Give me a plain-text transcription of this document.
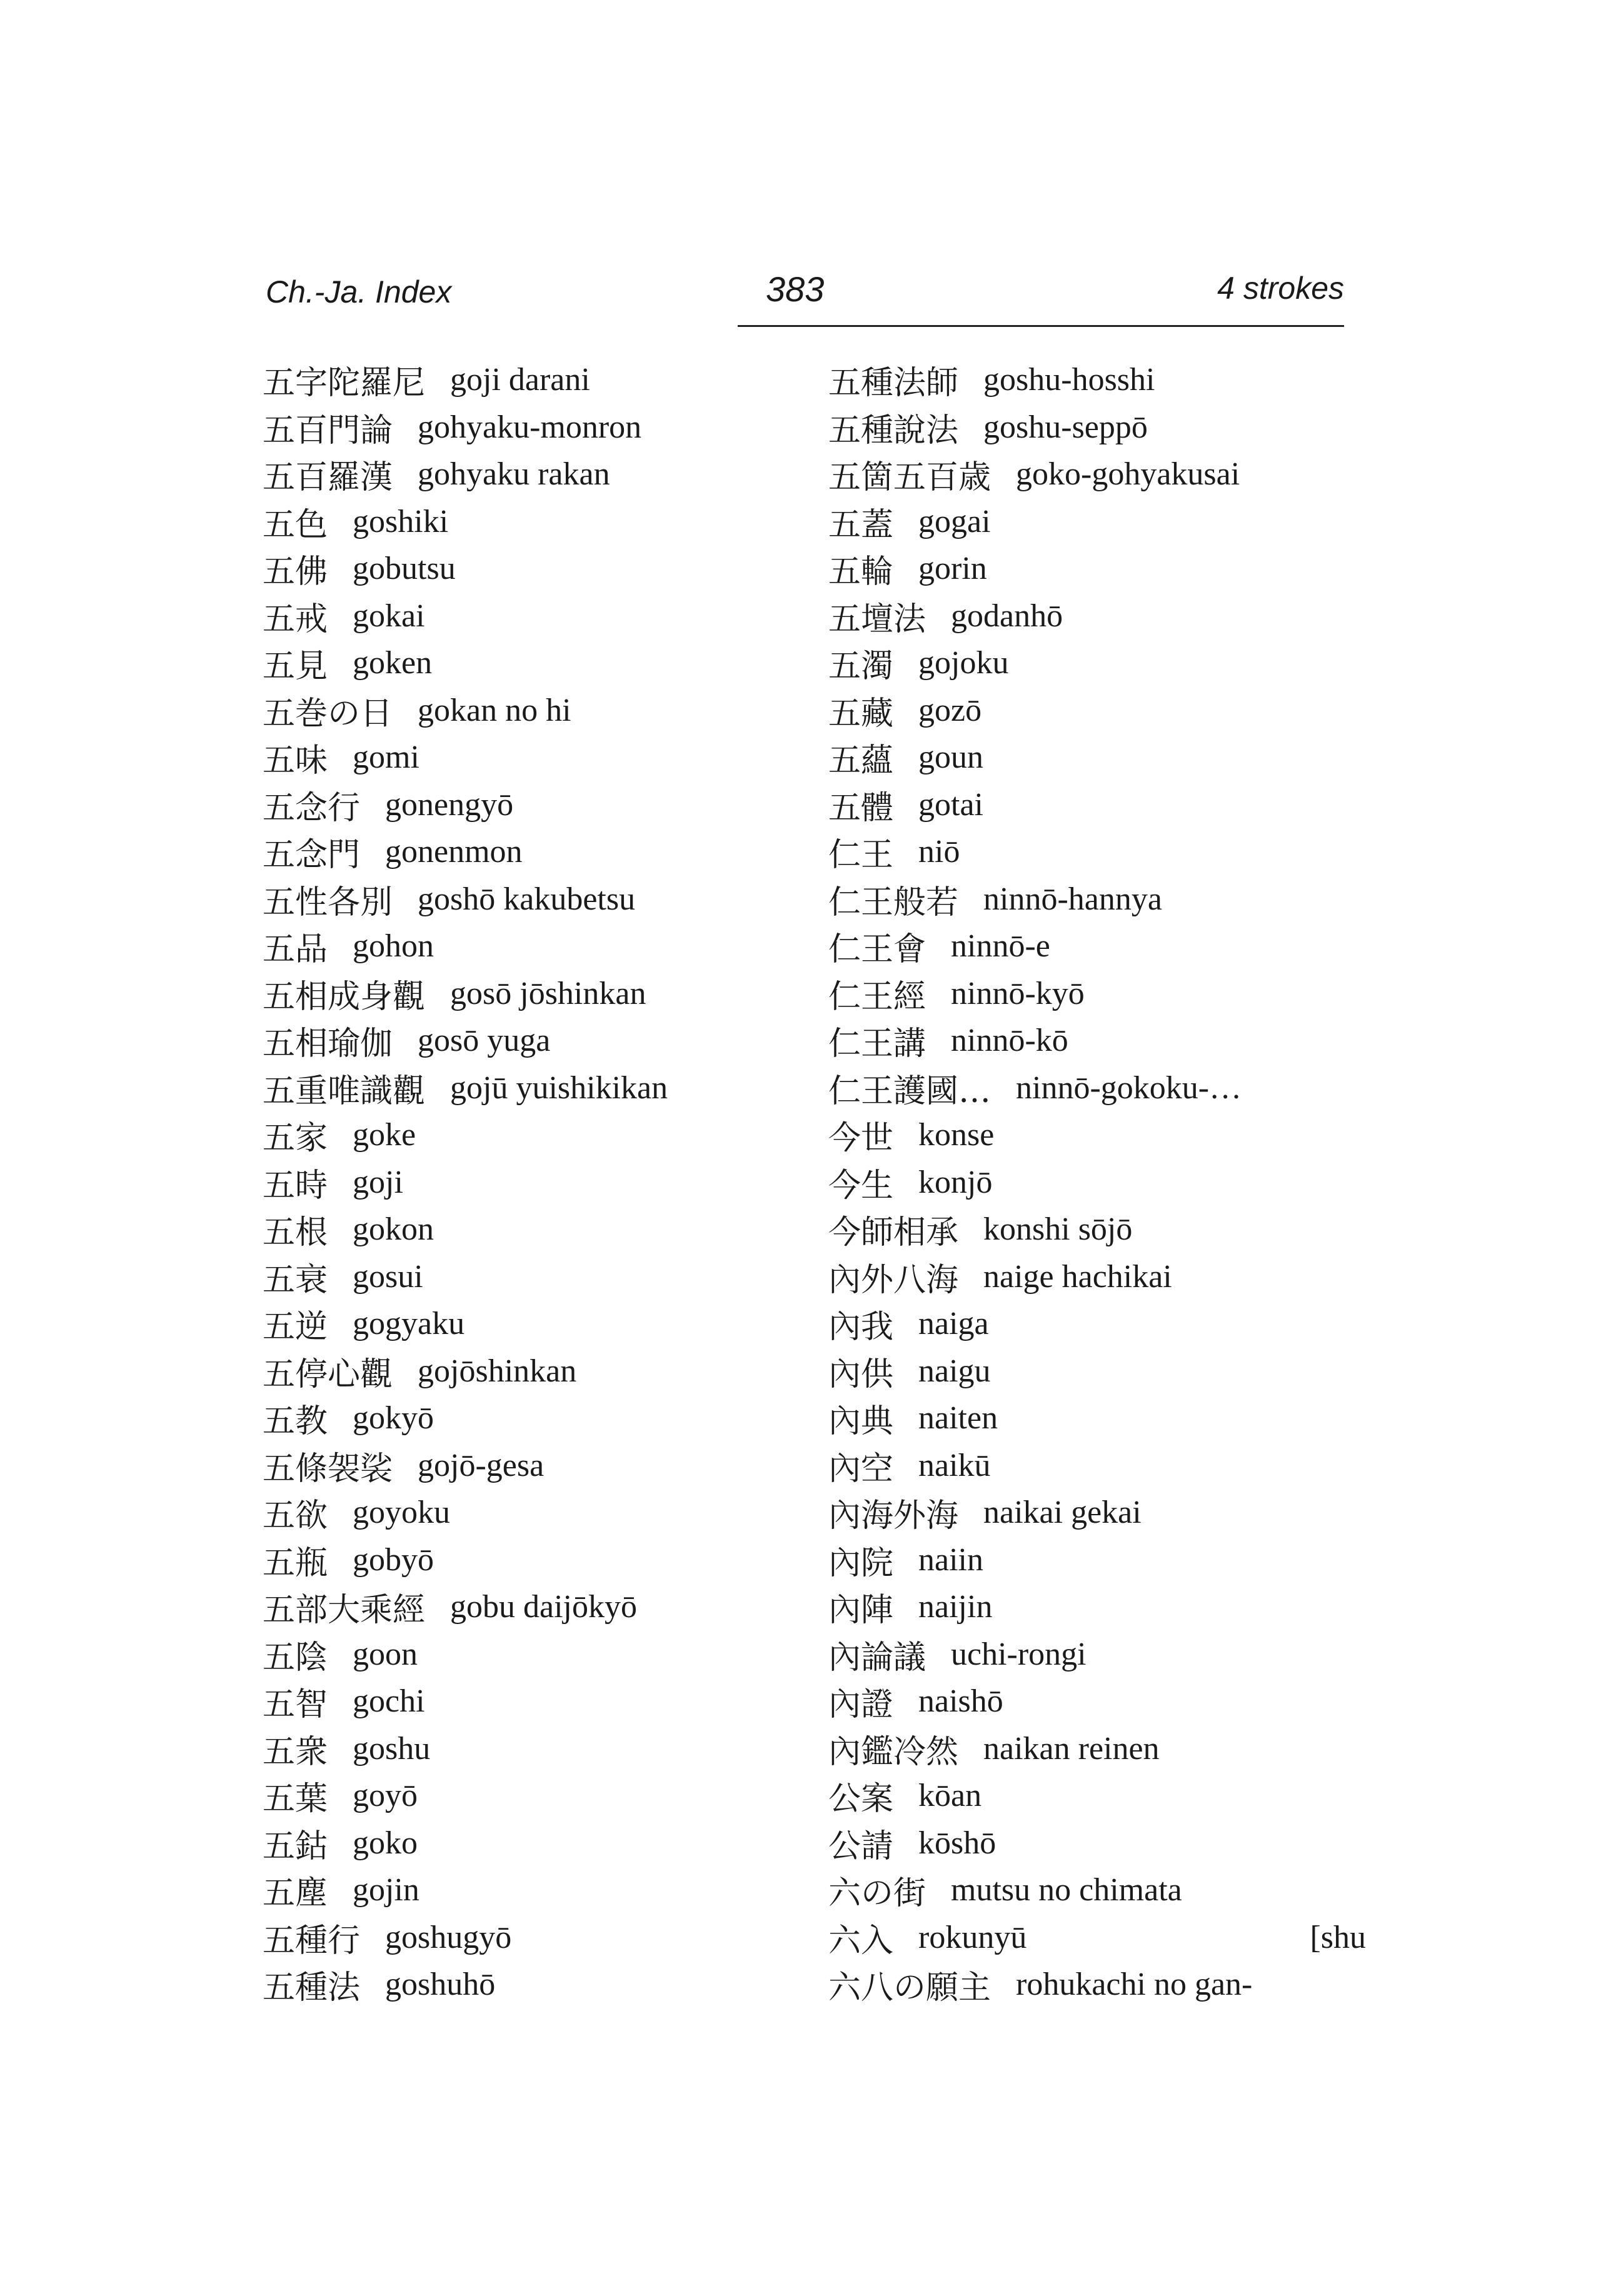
Ch.-Ja. Index	383	4 strokes
五字陀羅尼 goji darani
五百門論 gohyaku-monron
五百羅漢 gohyaku rakan
五色 goshiki
五佛 gobutsu
五戒 gokai
五見 goken
五巻の日 gokan no hi
五味 gomi
五念行 gonengyō
五念門 gonenmon
五性各別 goshō kakubetsu
五品 gohon
五相成身觀 gosō jōshinkan
五相瑜伽 gosō yuga
五重唯識觀 gojū yuishikikan
五家 goke
五時 goji
五根 gokon
五衰 gosui
五逆 gogyaku
五停心觀 gojōshinkan
五教 gokyō
五條袈裟 gojō-gesa
五欲 goyoku
五瓶 gobyō
五部大乘經 gobu daijōkyō
五陰 goon
五智 gochi
五衆 goshu
五葉 goyō
五鈷 goko
五塵 gojin
五種行 goshugyō
五種法 goshuhō
五種法師 goshu-hosshi
五種說法 goshu-seppō
五箇五百歳 goko-gohyakusai
五蓋 gogai
五輪 gorin
五壇法 godanhō
五濁 gojoku
五藏 gozō
五蘊 goun
五體 gotai
仁王 niō
仁王般若 ninnō-hannya
仁王會 ninnō-e
仁王經 ninnō-kyō
仁王講 ninnō-kō
仁王護國… ninnō-gokoku-…
今世 konse
今生 konjō
今師相承 konshi sōjō
內外八海 naige hachikai
內我 naiga
內供 naigu
內典 naiten
內空 naikū
內海外海 naikai gekai
內院 naiin
內陣 naijin
內論議 uchi-rongi
內證 naishō
內鑑冷然 naikan reinen
公案 kōan
公請 kōshō
六の街 mutsu no chimata
六入 rokunyū	[shu
六八の願主 rohukachi no gan-
